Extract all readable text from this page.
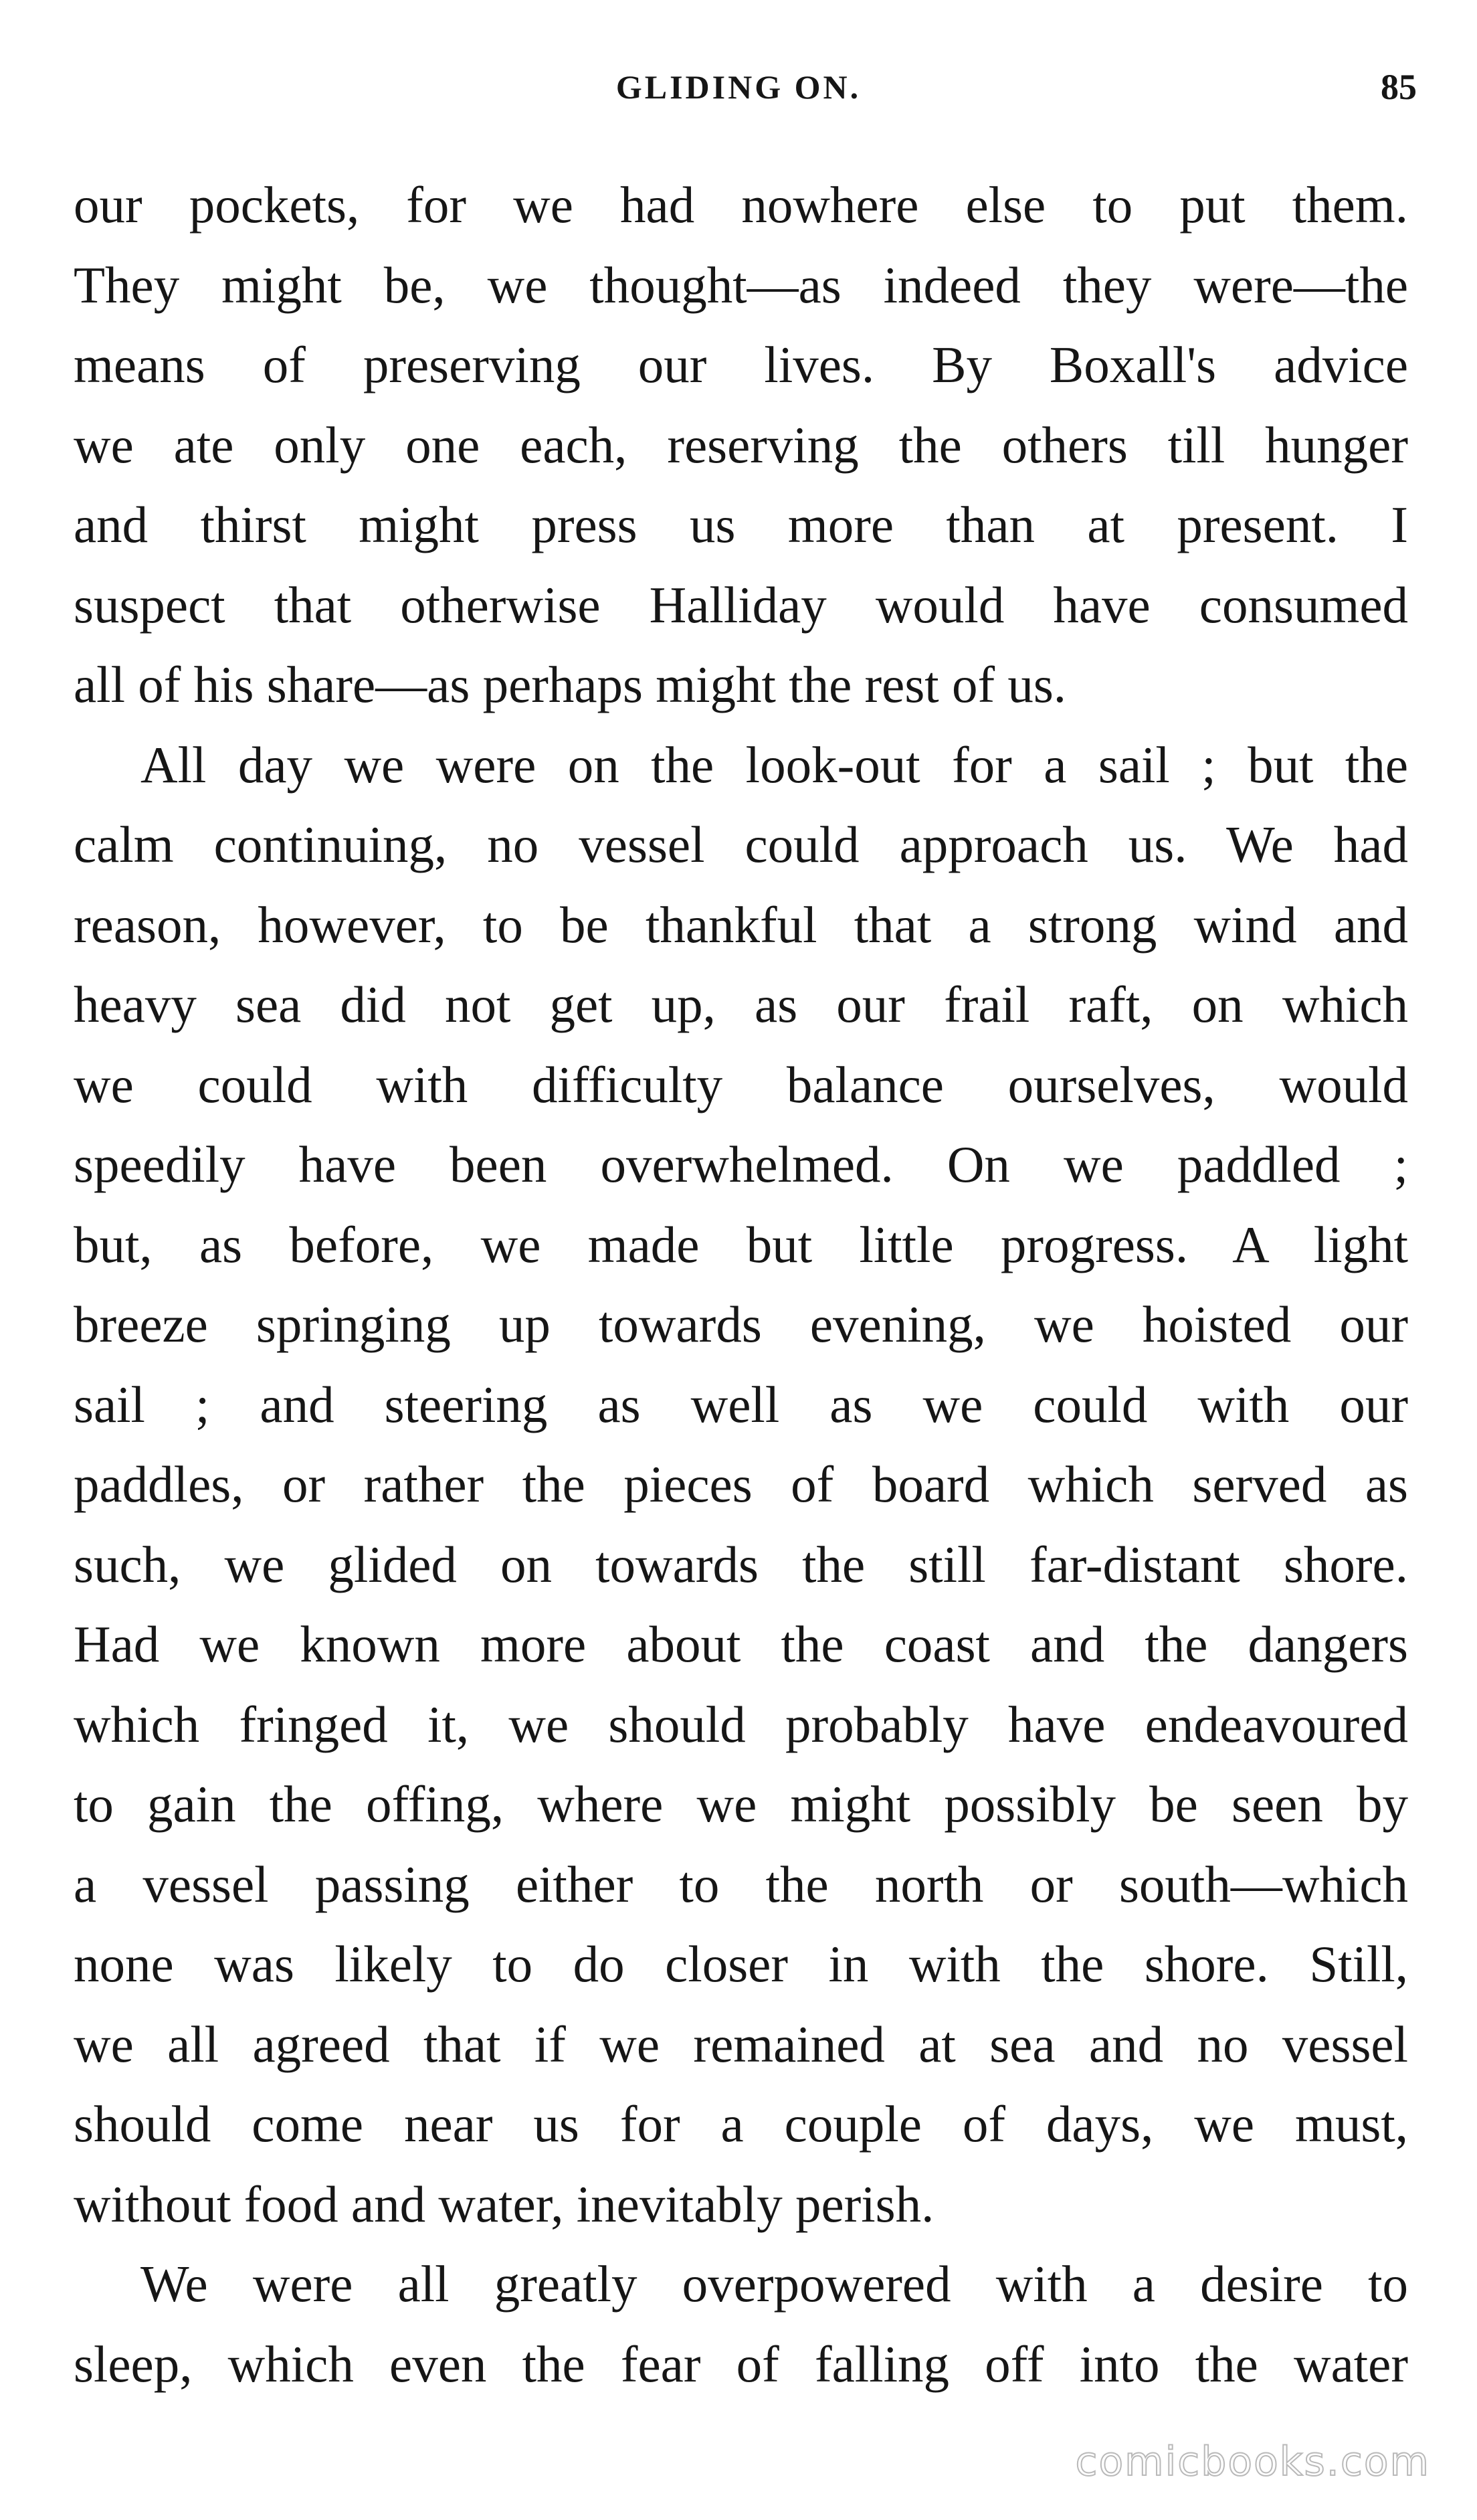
GLIDING ON.	85
our pockets, for we had nowhere else to put them.
They might be, we thought—as indeed they were—the
means of preserving our lives. By Boxall's advice
we ate only one each, reserving the others till hunger
and thirst might press us more than at present. I
suspect that otherwise Halliday would have consumed
all of his share—as perhaps might the rest of us.
All day we were on the look-out for a sail ; but the
calm continuing, no vessel could approach us. We had
reason, however, to be thankful that a strong wind and
heavy sea did not get up, as our frail raft, on which
we could with difficulty balance ourselves, would
speedily have been overwhelmed. On we paddled ;
but, as before, we made but little progress. A light
breeze springing up towards evening, we hoisted our
sail ; and steering as well as we could with our
paddles, or rather the pieces of board which served as
such, we glided on towards the still far-distant shore.
Had we known more about the coast and the dangers
which fringed it, we should probably have endeavoured
to gain the offing, where we might possibly be seen by
a vessel passing either to the north or south—which
none was likely to do closer in with the shore. Still,
we all agreed that if we remained at sea and no vessel
should come near us for a couple of days, we must,
without food and water, inevitably perish.
We were all greatly overpowered with a desire to
sleep, which even the fear of falling off into the water
comicbooks.com
